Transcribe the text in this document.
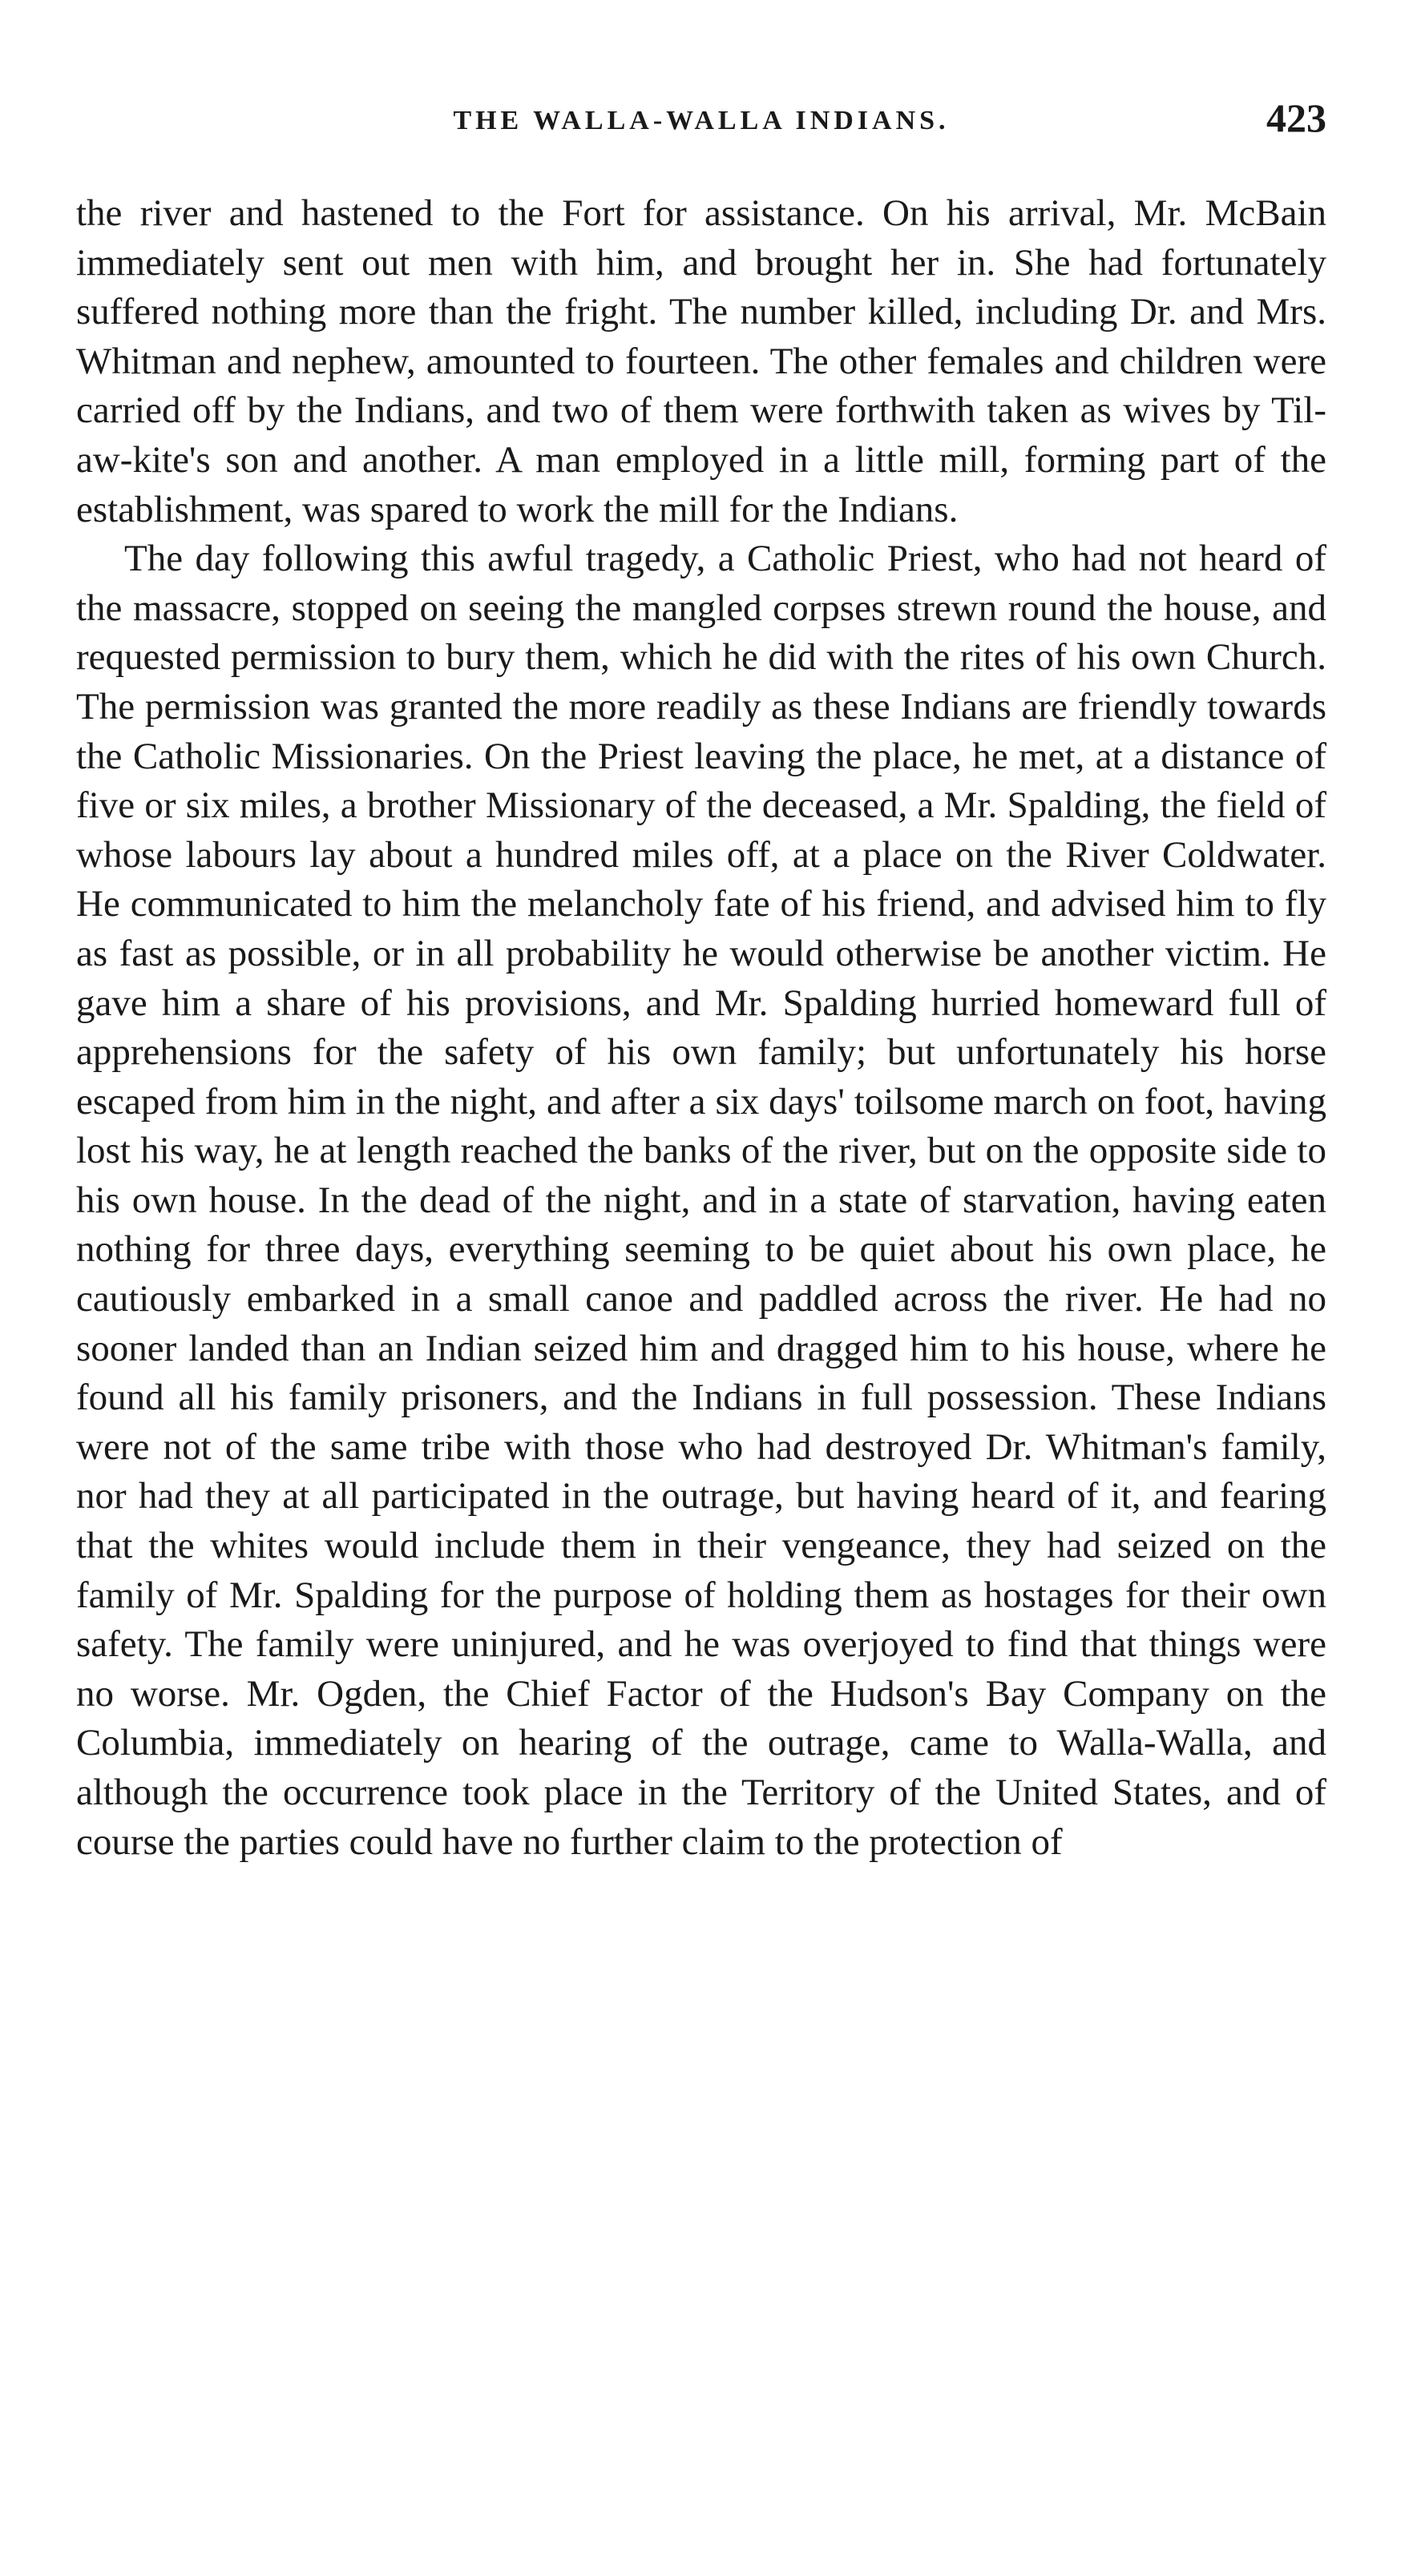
THE WALLA-WALLA INDIANS.	423

the river and hastened to the Fort for assistance. On his arrival, Mr. McBain immediately sent out men with him, and brought her in. She had fortunately suffered nothing more than the fright. The number killed, including Dr. and Mrs. Whitman and nephew, amounted to fourteen. The other females and children were carried off by the Indians, and two of them were forthwith taken as wives by Til-aw-kite's son and another. A man employed in a little mill, forming part of the establishment, was spared to work the mill for the Indians.

The day following this awful tragedy, a Catholic Priest, who had not heard of the massacre, stopped on seeing the mangled corpses strewn round the house, and requested permission to bury them, which he did with the rites of his own Church. The permission was granted the more readily as these Indians are friendly towards the Catholic Missionaries. On the Priest leaving the place, he met, at a distance of five or six miles, a brother Missionary of the deceased, a Mr. Spalding, the field of whose labours lay about a hundred miles off, at a place on the River Coldwater. He communicated to him the melancholy fate of his friend, and advised him to fly as fast as possible, or in all probability he would otherwise be another victim. He gave him a share of his provisions, and Mr. Spalding hurried homeward full of apprehensions for the safety of his own family; but unfortunately his horse escaped from him in the night, and after a six days' toilsome march on foot, having lost his way, he at length reached the banks of the river, but on the opposite side to his own house. In the dead of the night, and in a state of starvation, having eaten nothing for three days, everything seeming to be quiet about his own place, he cautiously embarked in a small canoe and paddled across the river. He had no sooner landed than an Indian seized him and dragged him to his house, where he found all his family prisoners, and the Indians in full possession. These Indians were not of the same tribe with those who had destroyed Dr. Whitman's family, nor had they at all participated in the outrage, but having heard of it, and fearing that the whites would include them in their vengeance, they had seized on the family of Mr. Spalding for the purpose of holding them as hostages for their own safety. The family were uninjured, and he was overjoyed to find that things were no worse. Mr. Ogden, the Chief Factor of the Hudson's Bay Company on the Columbia, immediately on hearing of the outrage, came to Walla-Walla, and although the occurrence took place in the Territory of the United States, and of course the parties could have no further claim to the protection of
